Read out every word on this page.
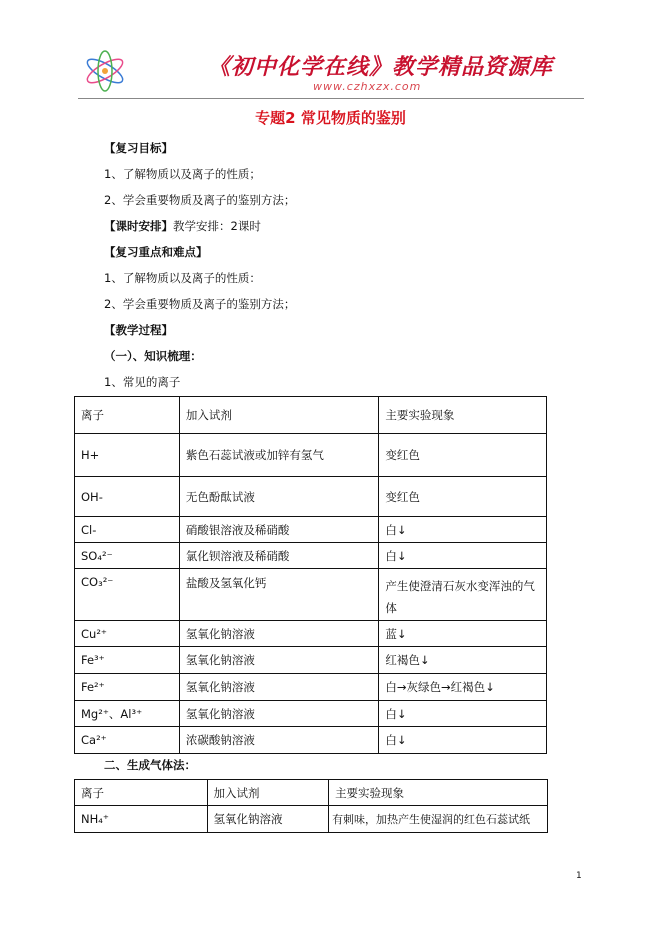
《初中化学在线》教学精品资源库
www.czhxzx.com
专题2 常见物质的鉴别
【复习目标】
1、了解物质以及离子的性质；
2、学会重要物质及离子的鉴别方法；
【课时安排】教学安排：2课时
【复习重点和难点】
1、了解物质以及离子的性质：
2、学会重要物质及离子的鉴别方法；
【教学过程】
（一）、知识梳理：
1、常见的离子
离子	加入试剂	主要实验现象
H+	紫色石蕊试液或加锌有氢气	变红色
OH-	无色酚酞试液	变红色
Cl-	硝酸银溶液及稀硝酸	白↓
SO₄²⁻	氯化钡溶液及稀硝酸	白↓
CO₃²⁻	盐酸及氢氧化钙	产生使澄清石灰水变浑浊的气体
Cu²⁺	氢氧化钠溶液	蓝↓
Fe³⁺	氢氧化钠溶液	红褐色↓
Fe²⁺	氢氧化钠溶液	白→灰绿色→红褐色↓
Mg²⁺、Al³⁺	氢氧化钠溶液	白↓
Ca²⁺	浓碳酸钠溶液	白↓
二、生成气体法：
离子	加入试剂	主要实验现象
NH₄⁺	氢氧化钠溶液	有刺味，加热产生使湿润的红色石蕊试纸
1
